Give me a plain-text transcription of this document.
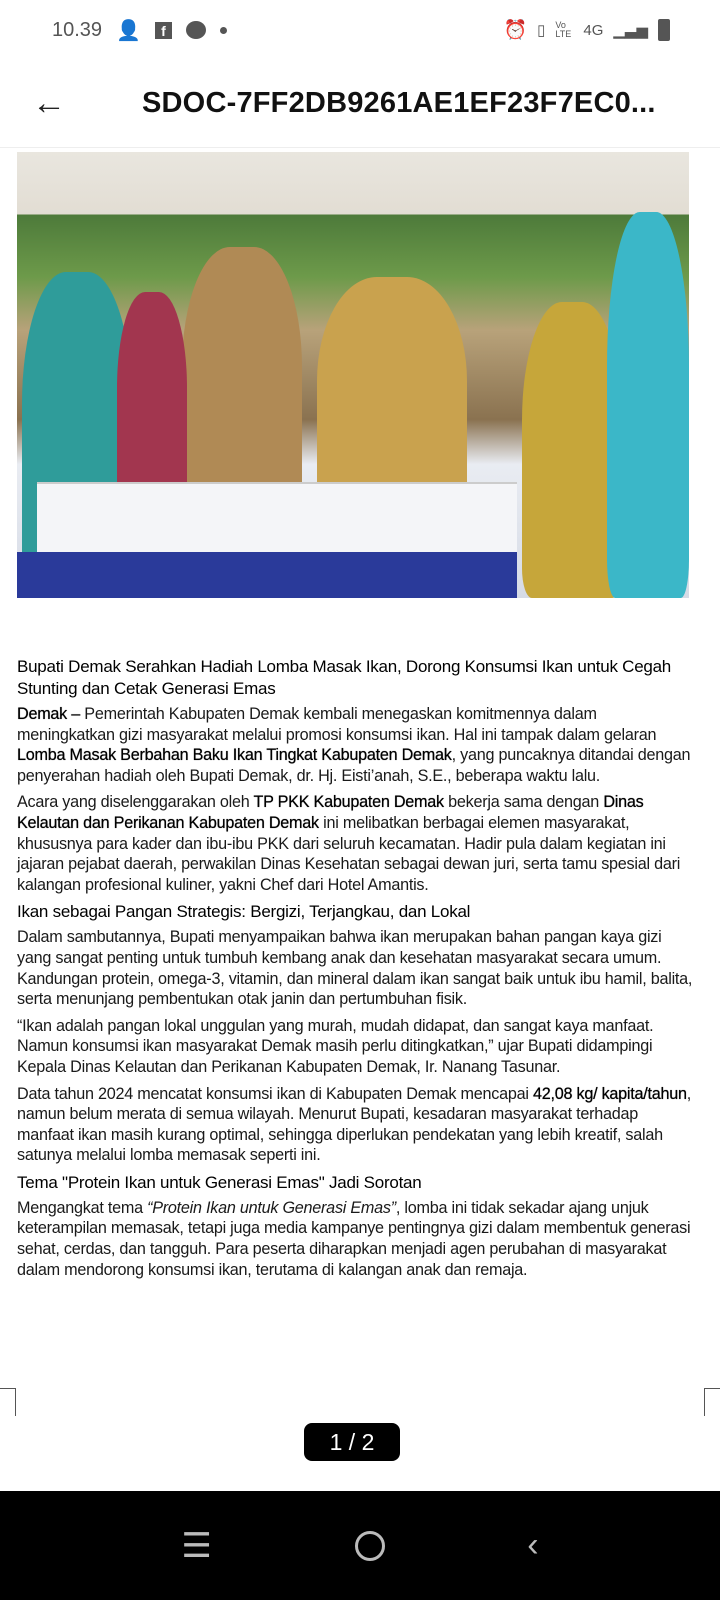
10.39 👤	f	⏰ ▯ Vo LTE 4G ▁▃▅
←	SDOC-7FF2DB9261AE1EF23F7EC0...
Bupati Demak Serahkan Hadiah Lomba Masak Ikan, Dorong Konsumsi Ikan untuk Cegah Stunting dan Cetak Generasi Emas

Demak – Pemerintah Kabupaten Demak kembali menegaskan komitmennya dalam meningkatkan gizi masyarakat melalui promosi konsumsi ikan. Hal ini tampak dalam gelaran Lomba Masak Berbahan Baku Ikan Tingkat Kabupaten Demak, yang puncaknya ditandai dengan penyerahan hadiah oleh Bupati Demak, dr. Hj. Eisti’anah, S.E., beberapa waktu lalu.

Acara yang diselenggarakan oleh TP PKK Kabupaten Demak bekerja sama dengan Dinas Kelautan dan Perikanan Kabupaten Demak ini melibatkan berbagai elemen masyarakat, khususnya para kader dan ibu-ibu PKK dari seluruh kecamatan. Hadir pula dalam kegiatan ini jajaran pejabat daerah, perwakilan Dinas Kesehatan sebagai dewan juri, serta tamu spesial dari kalangan profesional kuliner, yakni Chef dari Hotel Amantis.

Ikan sebagai Pangan Strategis: Bergizi, Terjangkau, dan Lokal

Dalam sambutannya, Bupati menyampaikan bahwa ikan merupakan bahan pangan kaya gizi yang sangat penting untuk tumbuh kembang anak dan kesehatan masyarakat secara umum. Kandungan protein, omega-3, vitamin, dan mineral dalam ikan sangat baik untuk ibu hamil, balita, serta menunjang pembentukan otak janin dan pertumbuhan fisik.

“Ikan adalah pangan lokal unggulan yang murah, mudah didapat, dan sangat kaya manfaat. Namun konsumsi ikan masyarakat Demak masih perlu ditingkatkan,” ujar Bupati didampingi Kepala Dinas Kelautan dan Perikanan Kabupaten Demak, Ir. Nanang Tasunar.

Data tahun 2024 mencatat konsumsi ikan di Kabupaten Demak mencapai 42,08 kg/ kapita/tahun, namun belum merata di semua wilayah. Menurut Bupati, kesadaran masyarakat terhadap manfaat ikan masih kurang optimal, sehingga diperlukan pendekatan yang lebih kreatif, salah satunya melalui lomba memasak seperti ini.

Tema "Protein Ikan untuk Generasi Emas" Jadi Sorotan

Mengangkat tema “Protein Ikan untuk Generasi Emas”, lomba ini tidak sekadar ajang unjuk keterampilan memasak, tetapi juga media kampanye pentingnya gizi dalam membentuk generasi sehat, cerdas, dan tangguh. Para peserta diharapkan menjadi agen perubahan di masyarakat dalam mendorong konsumsi ikan, terutama di kalangan anak dan remaja.

1 / 2
☰	‹
